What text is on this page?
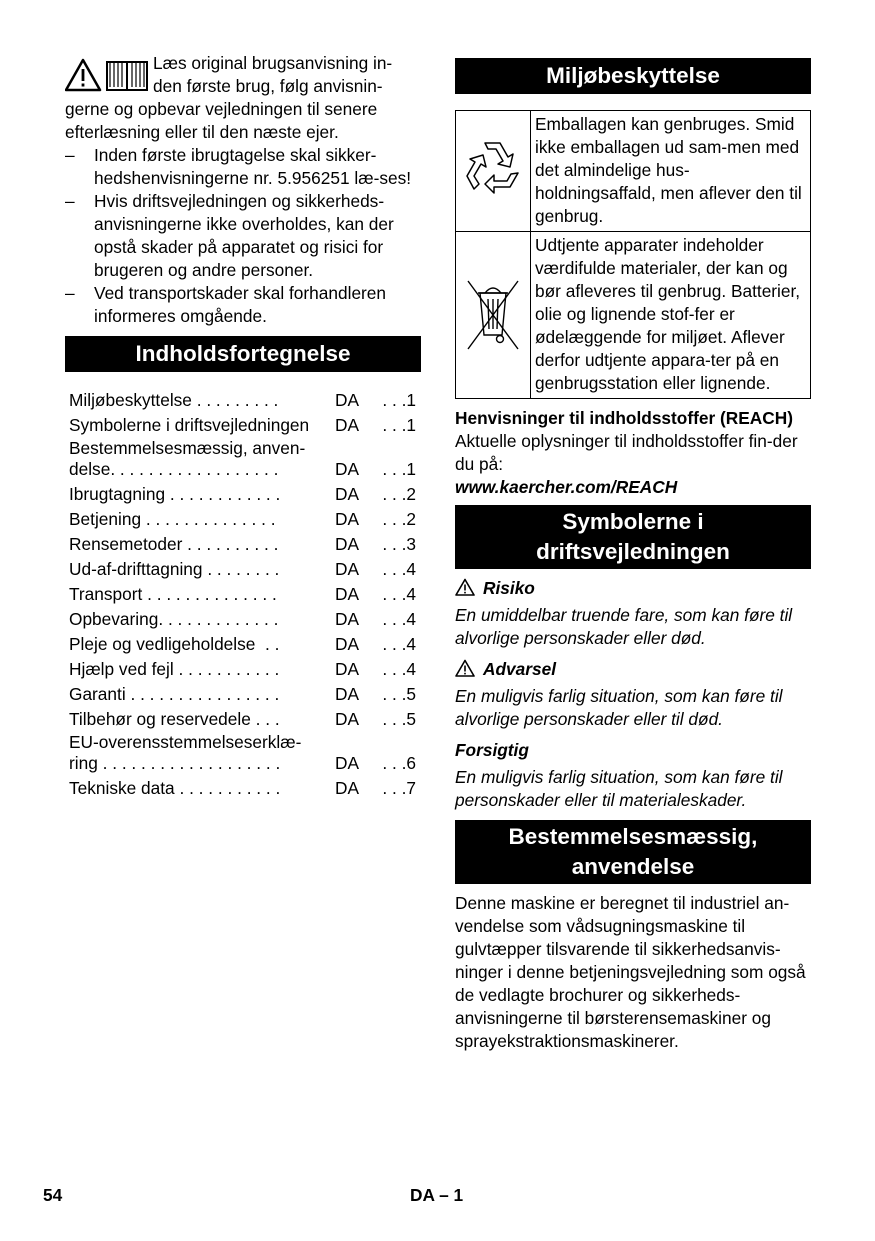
Læs original brugsanvisning in-
den første brug, følg anvisnin-
gerne og opbevar vejledningen til senere
efterlæsning eller til den næste ejer.

– Inden første ibrugtagelse skal sikker-hedshenvisningerne nr. 5.956251 læ-ses!
– Hvis driftsvejledningen og sikkerheds-anvisningerne ikke overholdes, kan der opstå skader på apparatet og risici for brugeren og andre personer.
– Ved transportskader skal forhandleren informeres omgående.
Indholdsfortegnelse
Miljøbeskyttelse . . . . . . . . .	DA	. . .1
Symbolerne i driftsvejledningen	DA	. . .1
Bestemmelsesmæssig, anven-
delse. . . . . . . . . . . . . . . . . .	DA	. . .1
Ibrugtagning . . . . . . . . . . . .	DA	. . .2
Betjening . . . . . . . . . . . . . .	DA	. . .2
Rensemetoder . . . . . . . . . .	DA	. . .3
Ud-af-drifttagning . . . . . . . .	DA	. . .4
Transport . . . . . . . . . . . . . .	DA	. . .4
Opbevaring. . . . . . . . . . . . .	DA	. . .4
Pleje og vedligeholdelse  . .	DA	. . .4
Hjælp ved fejl . . . . . . . . . . .	DA	. . .4
Garanti . . . . . . . . . . . . . . . .	DA	. . .5
Tilbehør og reservedele . . .	DA	. . .5
EU-overensstemmelseserklæ-
ring . . . . . . . . . . . . . . . . . . .	DA	. . .6
Tekniske data . . . . . . . . . . .	DA	. . .7
Miljøbeskyttelse
	Emballagen kan genbruges. Smid ikke emballagen ud sam-men med det almindelige hus-holdningsaffald, men aflever den til genbrug.
	Udtjente apparater indeholder værdifulde materialer, der kan og bør afleveres til genbrug. Batterier, olie og lignende stof-fer er ødelæggende for miljøet. Aflever derfor udtjente appara-ter på en genbrugsstation eller lignende.

Henvisninger til indholdsstoffer (REACH)

Aktuelle oplysninger til indholdsstoffer fin-der du på:

www.kaercher.com/REACH

Symbolerne i
driftsvejledningen

Risiko

En umiddelbar truende fare, som kan føre til alvorlige personskader eller død.

Advarsel

En muligvis farlig situation, som kan føre til alvorlige personskader eller til død.

Forsigtig

En muligvis farlig situation, som kan føre til personskader eller til materialeskader.

Bestemmelsesmæssig,
anvendelse

Denne maskine er beregnet til industriel an-vendelse som vådsugningsmaskine til gulvtæpper tilsvarende til sikkerhedsanvis-ninger i denne betjeningsvejledning som også de vedlagte brochurer og sikkerheds-anvisningerne til børsterensemaskiner og sprayekstraktionsmaskinerer.

54	DA – 1
